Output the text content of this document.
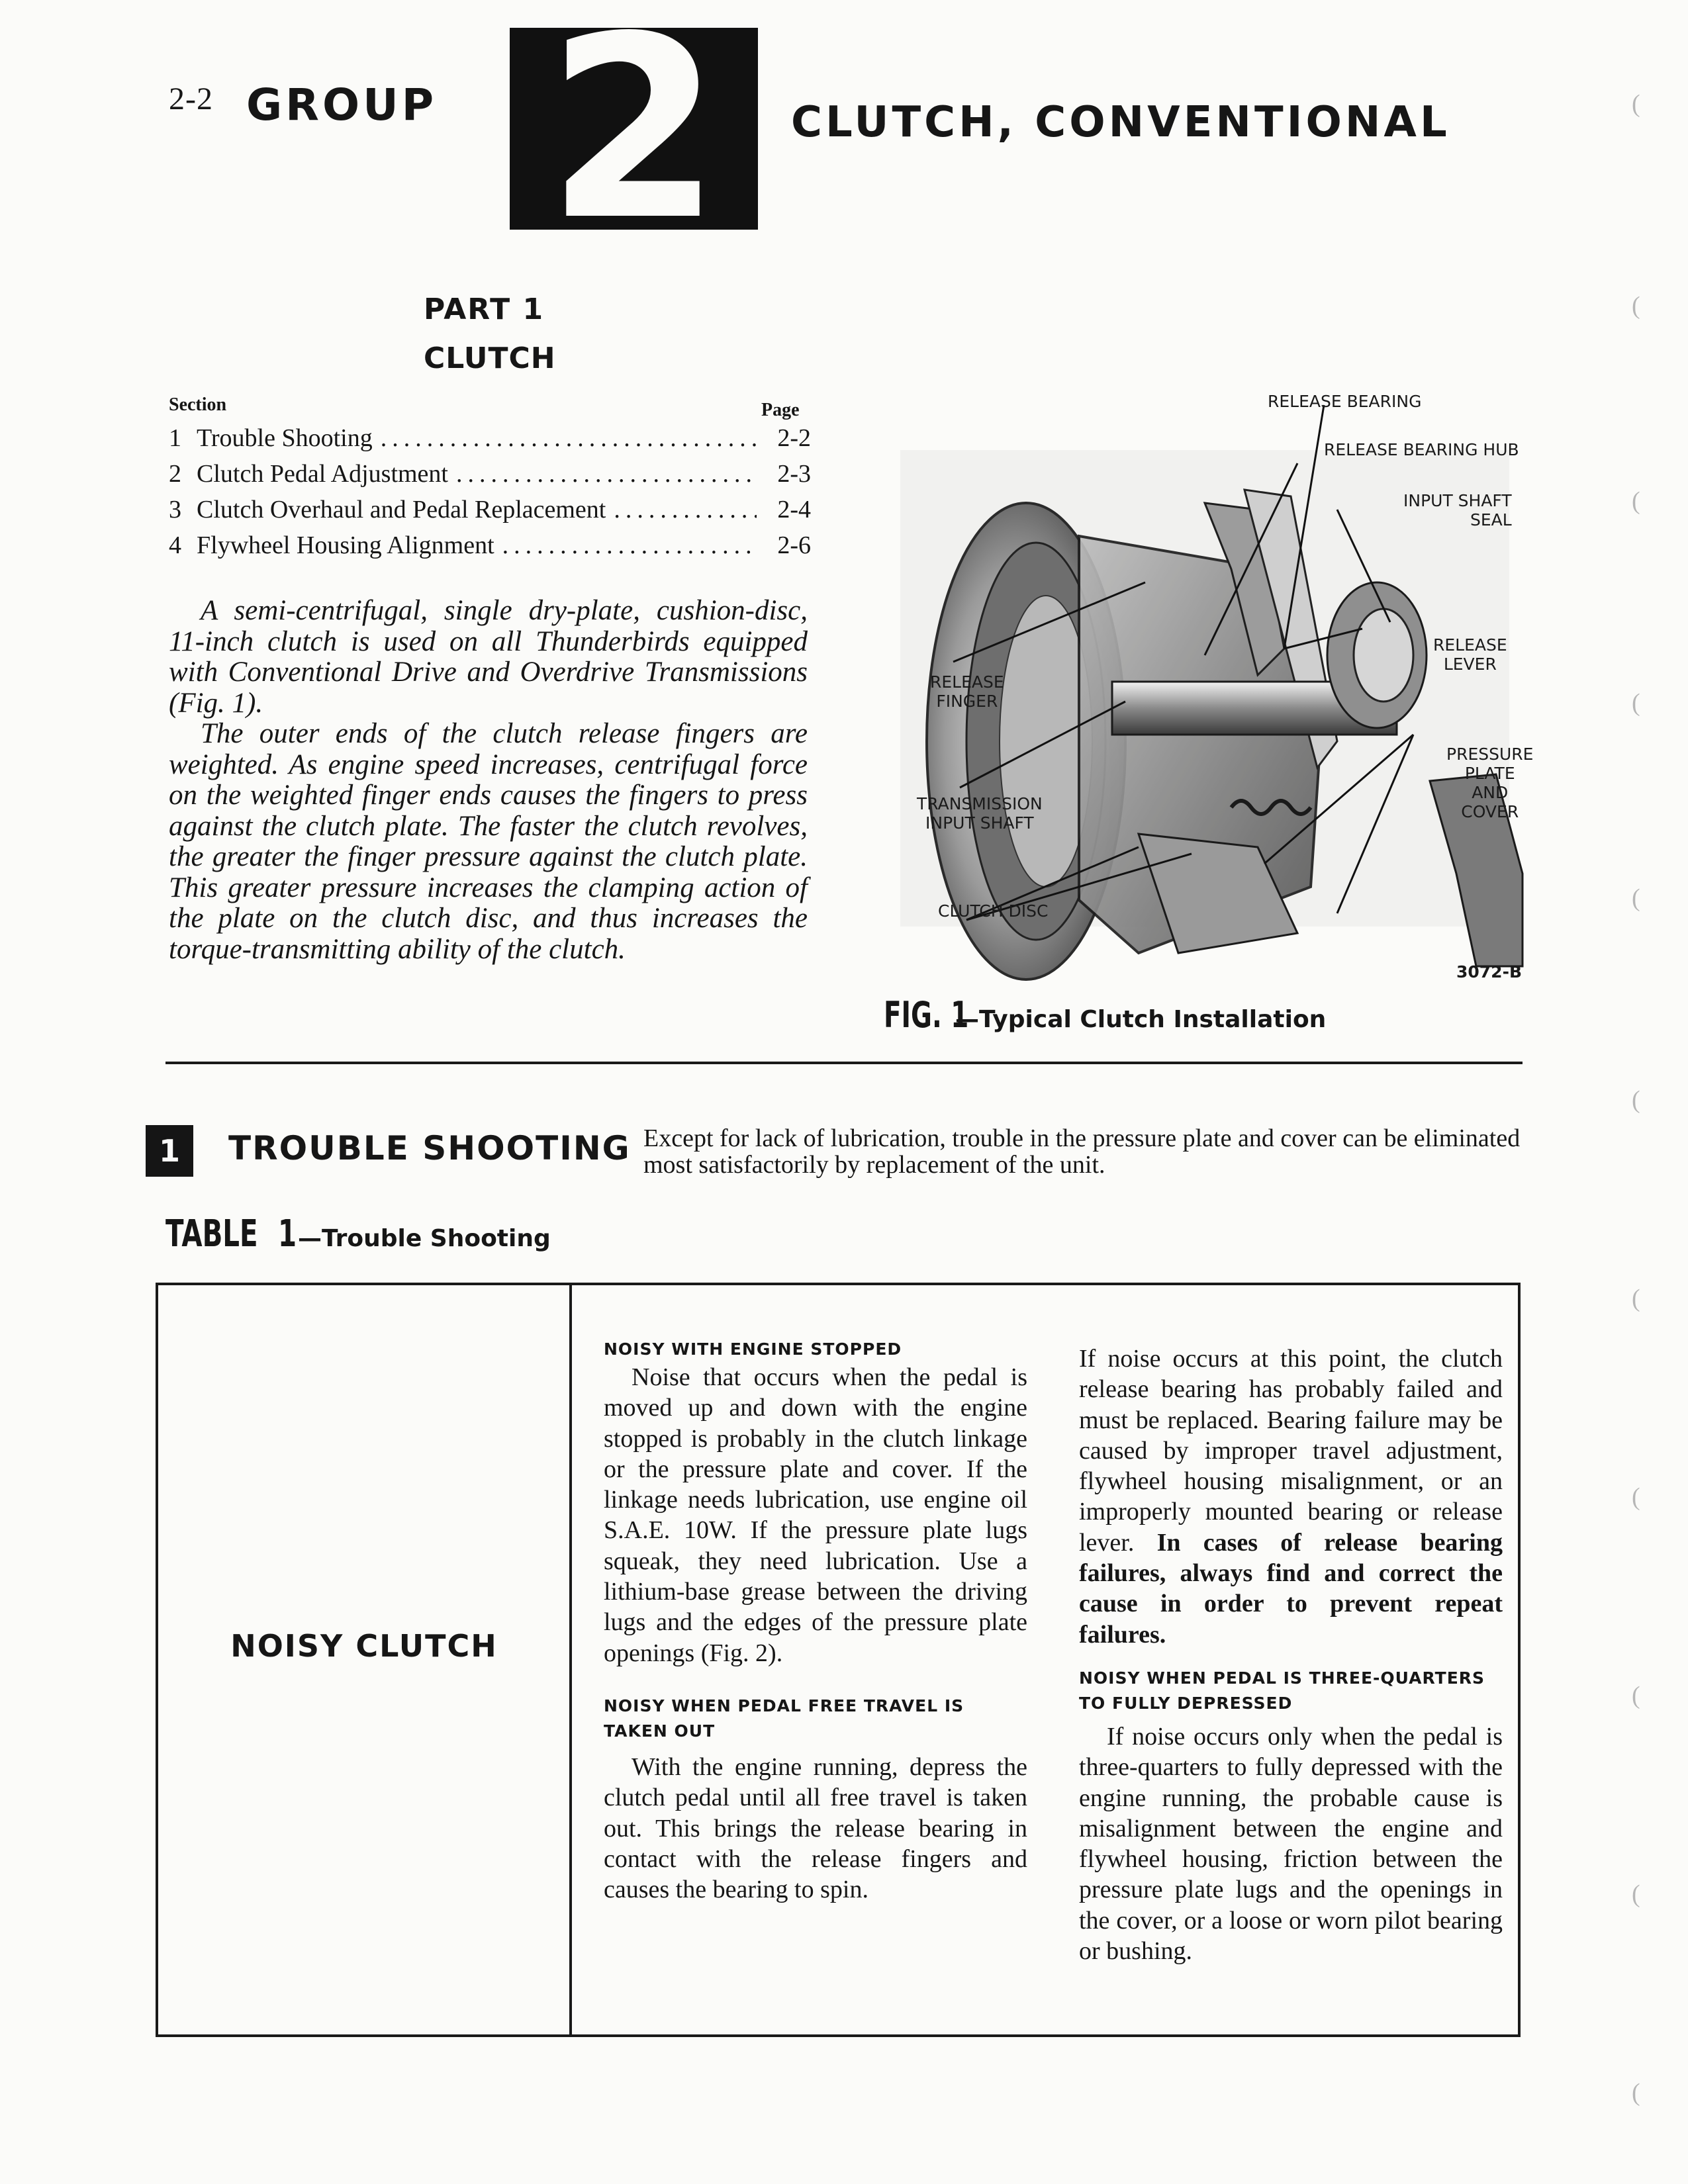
2-2 GROUP 2	CLUTCH, CONVENTIONAL
PART 1
CLUTCH
Section	Page
1 Trouble Shooting .....	2-2
2 Clutch Pedal Adjustment .....	2-3
3 Clutch Overhaul and Pedal Replacement .....	2-4
4 Flywheel Housing Alignment .....	2-6

A semi-centrifugal, single dry-plate, cushion-disc, 11-inch clutch is used on all Thunderbirds equipped with Conventional Drive and Overdrive Transmissions (Fig. 1).

The outer ends of the clutch release fingers are weighted. As engine speed increases, centrifugal force on the weighted finger ends causes the fingers to press against the clutch plate. The faster the clutch revolves, the greater the finger pressure against the clutch plate. This greater pressure increases the clamping action of the plate on the clutch disc, and thus increases the torque-transmitting ability of the clutch.

RELEASE BEARING
RELEASE BEARING HUB
INPUT SHAFT
SEAL
RELEASE
LEVER
RELEASE
FINGER
PRESSURE
PLATE
AND
COVER
TRANSMISSION
INPUT SHAFT
CLUTCH DISC
3072-B
FIG. 1—Typical Clutch Installation
1	TROUBLE SHOOTING Except for lack of lubrication, trouble in the pressure plate and cover can be eliminated most satisfactorily by replacement of the unit.
TABLE 1—Trouble Shooting
NOISY CLUTCH

NOISY WITH ENGINE STOPPED

Noise that occurs when the pedal is moved up and down with the engine stopped is probably in the clutch linkage or the pressure plate and cover. If the linkage needs lubrication, use engine oil S.A.E. 10W. If the pressure plate lugs squeak, they need lubrication. Use a lithium-base grease between the driving lugs and the edges of the pressure plate openings (Fig. 2).

NOISY WHEN PEDAL FREE TRAVEL IS TAKEN OUT

With the engine running, depress the clutch pedal until all free travel is taken out. This brings the release bearing in contact with the release fingers and causes the bearing to spin.

If noise occurs at this point, the clutch release bearing has probably failed and must be replaced. Bearing failure may be caused by improper travel adjustment, flywheel housing misalignment, or an improperly mounted bearing or release lever. In cases of release bearing failures, always find and correct the cause in order to prevent repeat failures.

NOISY WHEN PEDAL IS THREE-QUARTERS TO FULLY DEPRESSED

If noise occurs only when the pedal is three-quarters to fully depressed with the engine running, the probable cause is misalignment between the engine and flywheel housing, friction between the pressure plate lugs and the openings in the cover, or a loose or worn pilot bearing or bushing.

(
(
(
(
(
(
(
(
(
(
(
